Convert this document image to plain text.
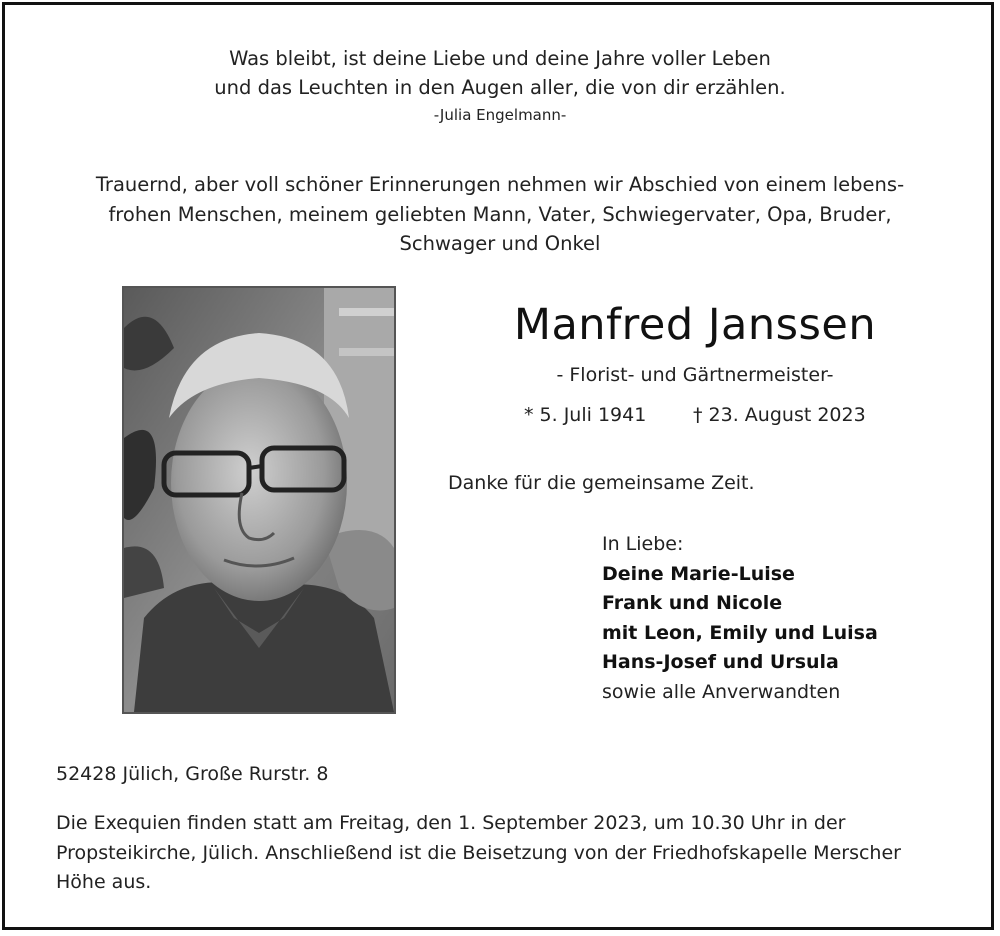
Was bleibt, ist deine Liebe und deine Jahre voller Leben
und das Leuchten in den Augen aller, die von dir erzählen.
-Julia Engelmann-
Trauernd, aber voll schöner Erinnerungen nehmen wir Abschied von einem lebens-
frohen Menschen, meinem geliebten Mann, Vater, Schwiegervater, Opa, Bruder,
Schwager und Onkel
Manfred Janssen
- Florist- und Gärtnermeister-
* 5. Juli 1941 † 23. August 2023
Danke für die gemeinsame Zeit.
In Liebe:
Deine Marie-Luise
Frank und Nicole
mit Leon, Emily und Luisa
Hans-Josef und Ursula
sowie alle Anverwandten
52428 Jülich, Große Rurstr. 8
Die Exequien finden statt am Freitag, den 1. September 2023, um 10.30 Uhr in der
Propsteikirche, Jülich. Anschließend ist die Beisetzung von der Friedhofskapelle Merscher
Höhe aus.
